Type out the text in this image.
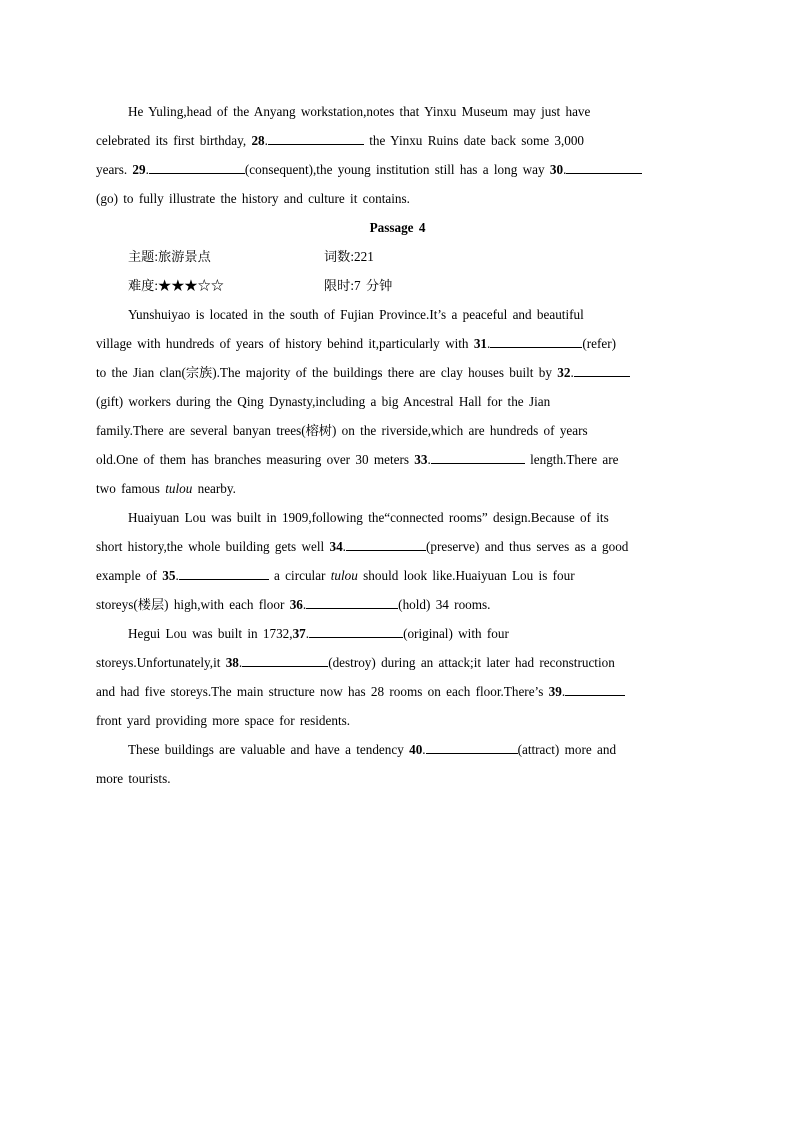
He Yuling,head of the Anyang workstation,notes that Yinxu Museum may just have
celebrated its first birthday, 28.	the Yinxu Ruins date back some 3,000
years. 29.	(consequent),the young institution still has a long way 30.
(go) to fully illustrate the history and culture it contains.
Passage 4
主题:旅游景点	词数:221
难度:★★★☆☆	限时:7 分钟
Yunshuiyao is located in the south of Fujian Province.It’s a peaceful and beautiful
village with hundreds of years of history behind it,particularly with 31.	(refer)
to the Jian clan(宗族).The majority of the buildings there are clay houses built by 32.
(gift) workers during the Qing Dynasty,including a big Ancestral Hall for the Jian
family.There are several banyan trees(榕树) on the riverside,which are hundreds of years
old.One of them has branches measuring over 30 meters 33.	length.There are
two famous tulou nearby.
Huaiyuan Lou was built in 1909,following the“connected rooms” design.Because of its
short history,the whole building gets well 34.	(preserve) and thus serves as a good
example of 35.	a circular tulou should look like.Huaiyuan Lou is four
storeys(楼层) high,with each floor 36.	(hold) 34 rooms.
Hegui Lou was built in 1732,37.	(original) with four
storeys.Unfortunately,it 38.	(destroy) during an attack;it later had reconstruction
and had five storeys.The main structure now has 28 rooms on each floor.There’s 39.
front yard providing more space for residents.
These buildings are valuable and have a tendency 40.	(attract) more and
more tourists.
